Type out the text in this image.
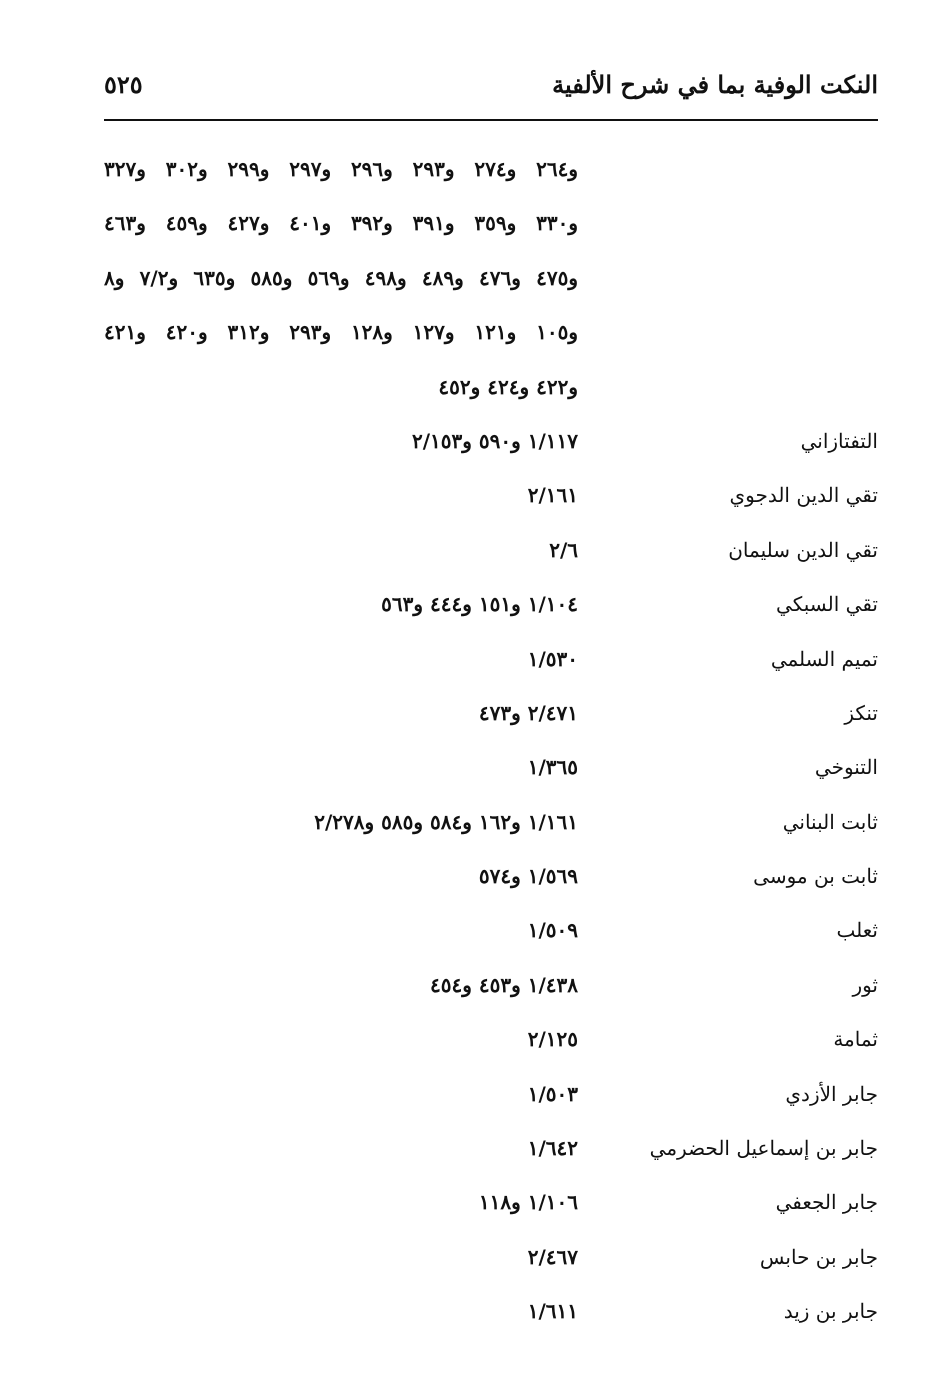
النكت الوفية بما في شرح الألفية
٥٢٥
و٢٦٤ و٢٧٤ و٢٩٣ و٢٩٦ و٢٩٧ و٢٩٩ و٣٠٢ و٣٢٧
و٣٣٠ و٣٥٩ و٣٩١ و٣٩٢ و٤٠١ و٤٢٧ و٤٥٩ و٤٦٣
و٤٧٥ و٤٧٦ و٤٨٩ و٤٩٨ و٥٦٩ و٥٨٥ و٦٣٥ و٧/٢ و٨
و١٠٥ و١٢١ و١٢٧ و١٢٨ و٢٩٣ و٣١٢ و٤٢٠ و٤٢١
و٤٢٢ و٤٢٤ و٤٥٢
التفتازاني
١/١١٧ و٥٩٠ و٢/١٥٣
تقي الدين الدجوي
٢/١٦١
تقي الدين سليمان
٢/٦
تقي السبكي
١/١٠٤ و١٥١ و٤٤٤ و٥٦٣
تميم السلمي
١/٥٣٠
تنكز
٢/٤٧١ و٤٧٣
التنوخي
١/٣٦٥
ثابت البناني
١/١٦١ و١٦٢ و٥٨٤ و٥٨٥ و٢/٢٧٨
ثابت بن موسى
١/٥٦٩ و٥٧٤
ثعلب
١/٥٠٩
ثور
١/٤٣٨ و٤٥٣ و٤٥٤
ثمامة
٢/١٢٥
جابر الأزدي
١/٥٠٣
جابر بن إسماعيل الحضرمي
١/٦٤٢
جابر الجعفي
١/١٠٦ و١١٨
جابر بن حابس
٢/٤٦٧
جابر بن زيد
١/٦١١
